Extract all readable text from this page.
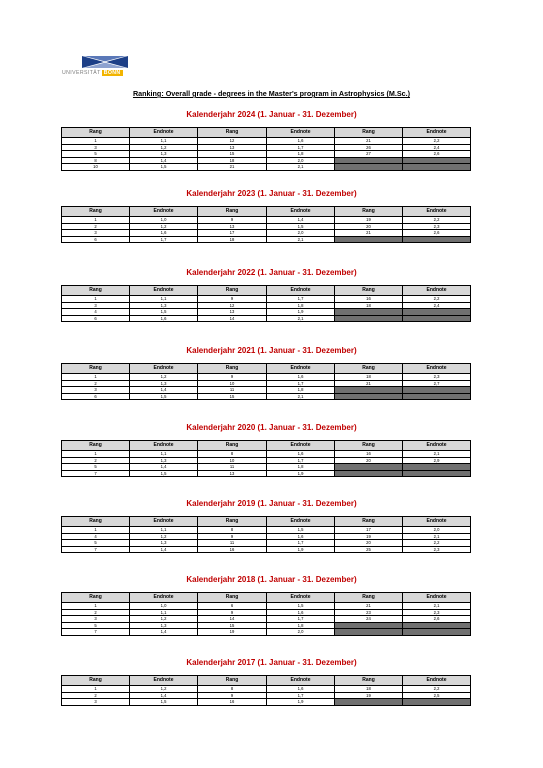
UNIVERSITÄT BONN
Ranking: Overall grade - degrees in the Master's program in Astrophysics (M.Sc.)
Kalenderjahr 2024 (1. Januar - 31. Dezember)
Rang	Endnote	Rang	Endnote	Rang	Endnote
1	1,1	12	1,6	21	2,2
3	1,2	13	1,7	26	2,4
5	1,3	15	1,8	27	2,6
8	1,4	18	2,0		
10	1,5	21	2,1		
Kalenderjahr 2023 (1. Januar - 31. Dezember)
Rang	Endnote	Rang	Endnote	Rang	Endnote
1	1,0	9	1,4	19	2,2
2	1,2	13	1,5	20	2,3
3	1,6	17	2,0	21	2,6
6	1,7	18	2,1		
Kalenderjahr 2022 (1. Januar - 31. Dezember)
Rang	Endnote	Rang	Endnote	Rang	Endnote
1	1,1	9	1,7	16	2,2
3	1,3	12	1,8	18	2,4
4	1,5	13	1,9		
6	1,6	14	2,1		
Kalenderjahr 2021 (1. Januar - 31. Dezember)
Rang	Endnote	Rang	Endnote	Rang	Endnote
1	1,2	9	1,6	18	2,3
2	1,3	10	1,7	21	2,7
3	1,4	11	1,8		
6	1,5	15	2,1		
Kalenderjahr 2020 (1. Januar - 31. Dezember)
Rang	Endnote	Rang	Endnote	Rang	Endnote
1	1,1	8	1,6	16	2,1
2	1,3	10	1,7	20	2,9
5	1,4	11	1,8		
7	1,5	13	1,9		
Kalenderjahr 2019 (1. Januar - 31. Dezember)
Rang	Endnote	Rang	Endnote	Rang	Endnote
1	1,1	8	1,5	17	2,0
4	1,2	9	1,6	19	2,1
5	1,3	11	1,7	20	2,2
7	1,4	16	1,9	25	2,3
Kalenderjahr 2018 (1. Januar - 31. Dezember)
Rang	Endnote	Rang	Endnote	Rang	Endnote
1	1,0	6	1,5	21	2,1
2	1,1	9	1,6	23	2,3
3	1,2	14	1,7	24	2,6
5	1,3	15	1,8		
7	1,4	19	2,0		
Kalenderjahr 2017 (1. Januar - 31. Dezember)
Rang	Endnote	Rang	Endnote	Rang	Endnote
1	1,2	8	1,6	18	2,2
2	1,4	9	1,7	19	2,5
3	1,5	16	1,9		
